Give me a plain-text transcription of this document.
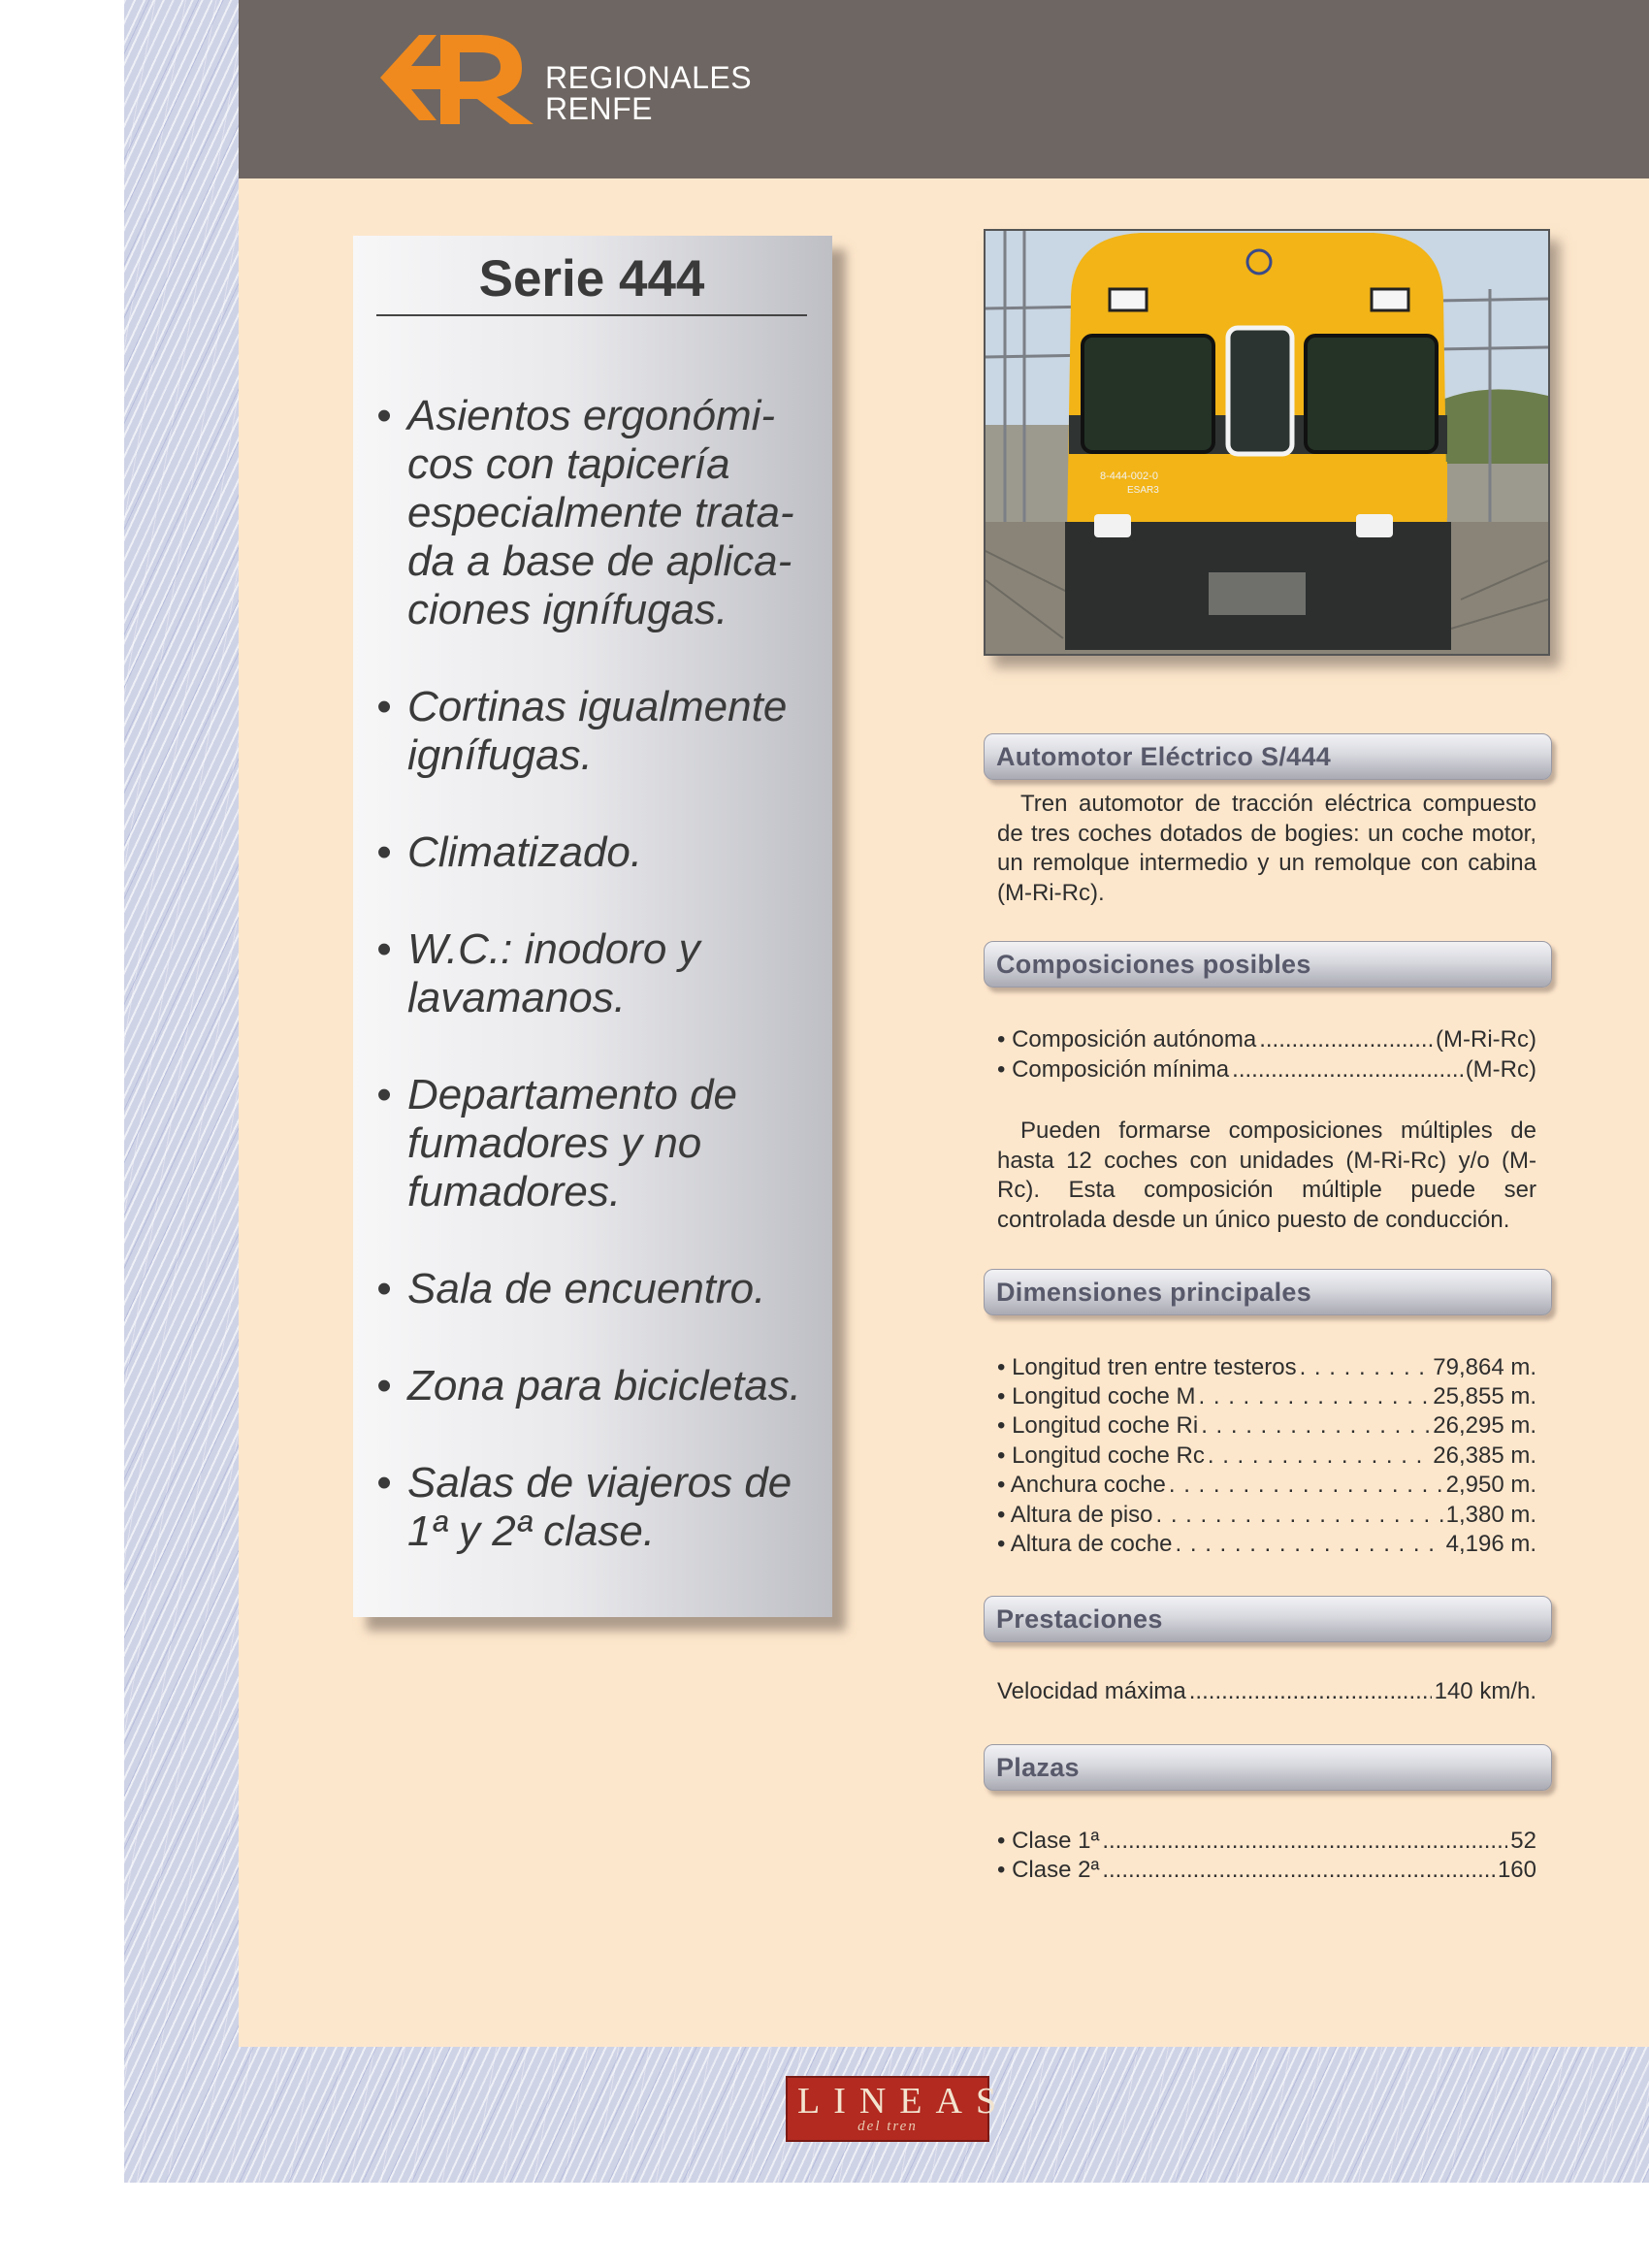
REGIONALES
RENFE
Serie 444
• Asientos ergonómi-
cos con tapicería
especialmente trata-
da a base de aplica-
ciones ignífugas.
• Cortinas igualmente
ignífugas.
• Climatizado.
• W.C.: inodoro y
lavamanos.
• Departamento de
fumadores y no
fumadores.
• Sala de encuentro.
• Zona para bicicletas.
• Salas de viajeros de
1ª y 2ª clase.
8-444-002-0
ESAR3
Automotor Eléctrico S/444

Tren automotor de tracción eléctrica compuesto de tres coches dotados de bogies: un coche motor, un remolque intermedio y un remolque con cabina (M-Ri-Rc).

Composiciones posibles
• Composición autónoma .....	(M-Ri-Rc)
• Composición mínima .....	(M-Rc)

Pueden formarse composiciones múltiples de hasta 12 coches con unidades (M-Ri-Rc) y/o (M-Rc). Esta composición múltiple puede ser controlada desde un único puesto de conducción.

Dimensiones principales
• Longitud tren entre testeros . . .	79,864 m.
• Longitud coche M . . .	25,855 m.
• Longitud coche Ri . . .	26,295 m.
• Longitud coche Rc . . .	26,385 m.
• Anchura coche . . .	2,950 m.
• Altura de piso . . .	1,380 m.
• Altura de coche . . .	4,196 m.
Prestaciones
Velocidad máxima .....	140 km/h.
Plazas
• Clase 1ª .....	52
• Clase 2ª .....	160
LINEAS
del tren
